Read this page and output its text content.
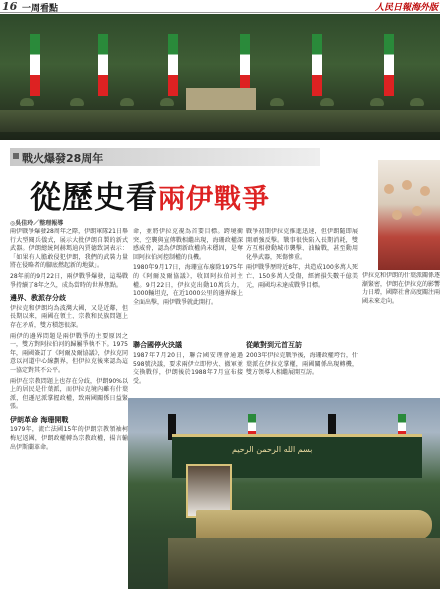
16 一周看點	人民日報海外版
戰火爆發28周年
從歷史看兩伊戰爭
◎吳佳玲／整理報導

兩伊戰爭爆發28周年之際，伊朗軍隊21日舉行大型閱兵儀式，展示大批伊朗自製的新式武器。伊朗總統阿赫瑪迪內賈德致詞表示：「如果有人膽敢侵犯伊朗，我們的武裝力量將在侵略者的腳底燃起新的地獄」。

28年前的9月22日，兩伊戰爭爆發，這場戰爭持續了8年之久，成為當時的世界焦點。

邊界、教派存分歧

伊拉克和伊朗均為波灣大國，又是近鄰，但長期以來，兩國在領土、宗教和民族問題上存在矛盾，雙方積怨很深。

兩伊的邊界問題是兩伊戰爭的主要原因之一，雙方對阿拉伯河的歸屬爭執不下。1975年，兩國簽訂了《阿爾及爾協議》，伊拉克同意以河道中心線劃界，但伊拉克後來認為這一協定對其不公平。

兩伊在宗教問題上也存在分歧，伊朗90%以上的居民是什葉派，而伊拉克境內雖有什葉派，但遜尼派掌握政權，致兩國關係日益緊張。

伊朗革命 海珊開戰

1979年，流亡法國15年的伊朗宗教領袖柯梅尼返國，伊朗政權轉為宗教政權，揚言輸出伊斯蘭革命。

命，並將伊拉克視為首要目標。跨境衝突、空襲與宣傳戰相繼出現，海珊政權深感威脅，認為伊朗新政權尚未穩固，是奪回阿拉伯河控制權的良機。

1980年9月17日，海珊宣布廢除1975年的《阿爾及爾協議》，收回阿拉伯河主權。9月22日，伊拉克出動10萬兵力，1000輛坦克，在近1000公里的邊界線上全面出擊，兩伊戰爭就此開打。

戰爭初期伊拉克推進迅速，但伊朗隨即展開頑強反擊。戰事很快陷入長期消耗，雙方互相發動城市襲擊、油輪戰，甚至動用化學武器，死傷慘重。

兩伊戰爭歷時近8年，共造成100多萬人死亡、150多萬人受傷，經濟損失數千億美元，兩國均未達成戰爭目標。

伊拉克和伊朗的什葉派關係逐漸緊密，伊朗在伊拉克的影響力日增，國際社會高度關注兩國未來走向。

聯合國停火決議

1987年7月20日，聯合國安理會通過598號決議，要求兩伊立即停火、撤軍並交換戰俘，伊朗後於1988年7月宣布接受。

從敵對到元首互訪

2003年伊拉克戰爭後，海珊政權垮台，什葉派在伊拉克掌權，兩國關係出現轉機，雙方領導人相繼展開互訪。

بسم الله الرحمن الرحيم
